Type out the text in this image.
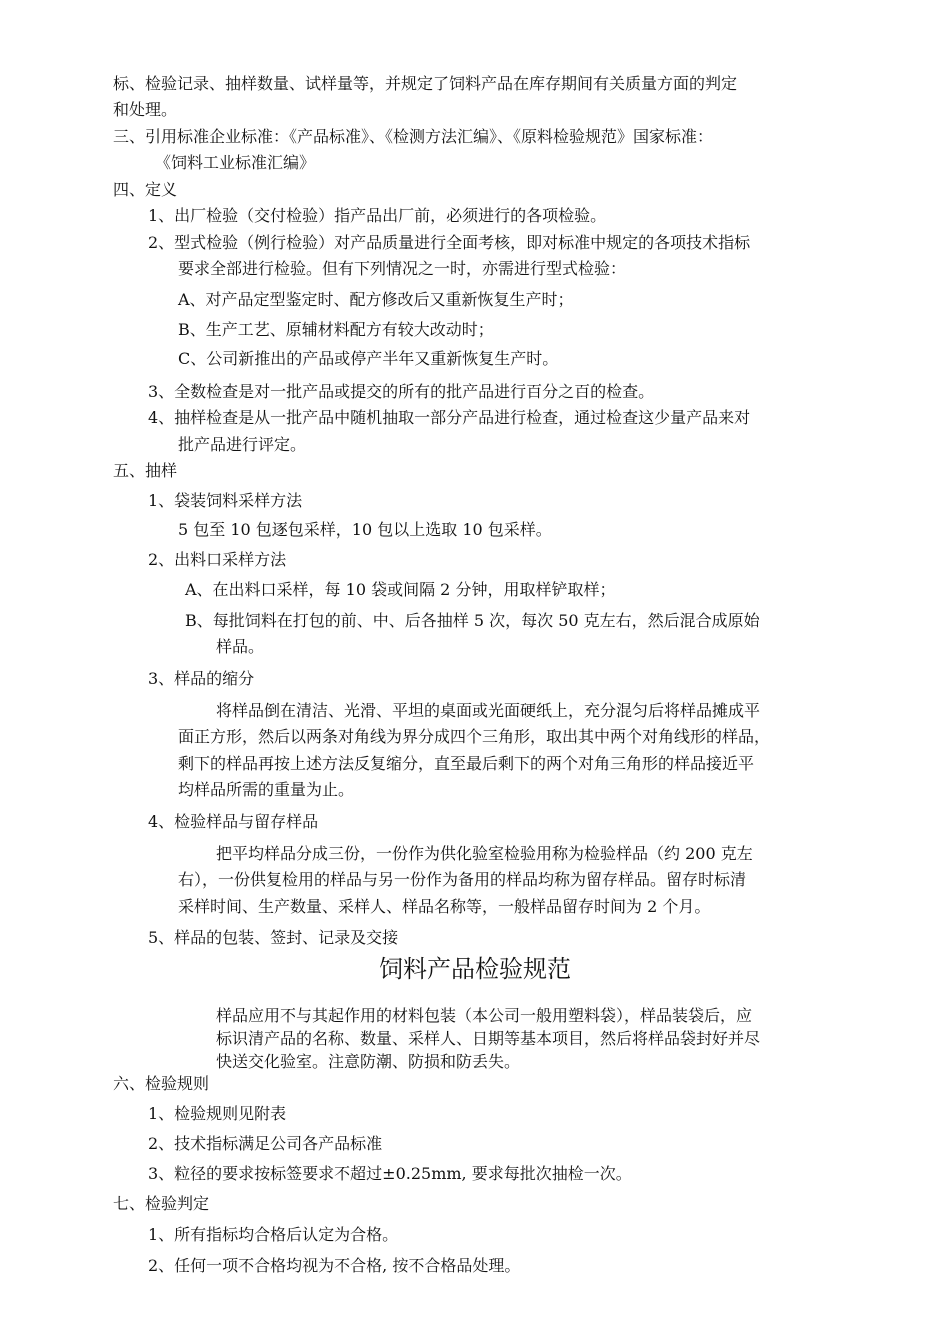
标、检验记录、抽样数量、试样量等，并规定了饲料产品在库存期间有关质量方面的判定
和处理。
三、引用标准企业标准：《产品标准》、《检测方法汇编》、《原料检验规范》国家标准：
《饲料工业标准汇编》
四、定义
1、出厂检验（交付检验）指产品出厂前，必须进行的各项检验。
2、型式检验（例行检验）对产品质量进行全面考核，即对标准中规定的各项技术指标
要求全部进行检验。但有下列情况之一时，亦需进行型式检验：
A、对产品定型鉴定时、配方修改后又重新恢复生产时；
B、生产工艺、原辅材料配方有较大改动时；
C、公司新推出的产品或停产半年又重新恢复生产时。
3、全数检查是对一批产品或提交的所有的批产品进行百分之百的检查。
4、抽样检查是从一批产品中随机抽取一部分产品进行检查，通过检查这少量产品来对
批产品进行评定。
五、抽样
1、袋装饲料采样方法
5 包至 10 包逐包采样，10 包以上选取 10 包采样。
2、出料口采样方法
A、在出料口采样，每 10 袋或间隔 2 分钟，用取样铲取样；
B、每批饲料在打包的前、中、后各抽样 5 次，每次 50 克左右，然后混合成原始
样品。
3、样品的缩分
将样品倒在清洁、光滑、平坦的桌面或光面硬纸上，充分混匀后将样品摊成平
面正方形，然后以两条对角线为界分成四个三角形，取出其中两个对角线形的样品，
剩下的样品再按上述方法反复缩分，直至最后剩下的两个对角三角形的样品接近平
均样品所需的重量为止。
4、检验样品与留存样品
把平均样品分成三份，一份作为供化验室检验用称为检验样品（约 200 克左
右），一份供复检用的样品与另一份作为备用的样品均称为留存样品。留存时标清
采样时间、生产数量、采样人、样品名称等，一般样品留存时间为 2 个月。
5、样品的包装、签封、记录及交接
饲料产品检验规范
样品应用不与其起作用的材料包装（本公司一般用塑料袋），样品装袋后，应
标识清产品的名称、数量、采样人、日期等基本项目，然后将样品袋封好并尽
快送交化验室。注意防潮、防损和防丢失。
六、检验规则
1、检验规则见附表
2、技术指标满足公司各产品标准
3、粒径的要求按标签要求不超过±0.25mm, 要求每批次抽检一次。
七、检验判定
1、所有指标均合格后认定为合格。
2、任何一项不合格均视为不合格, 按不合格品处理。
